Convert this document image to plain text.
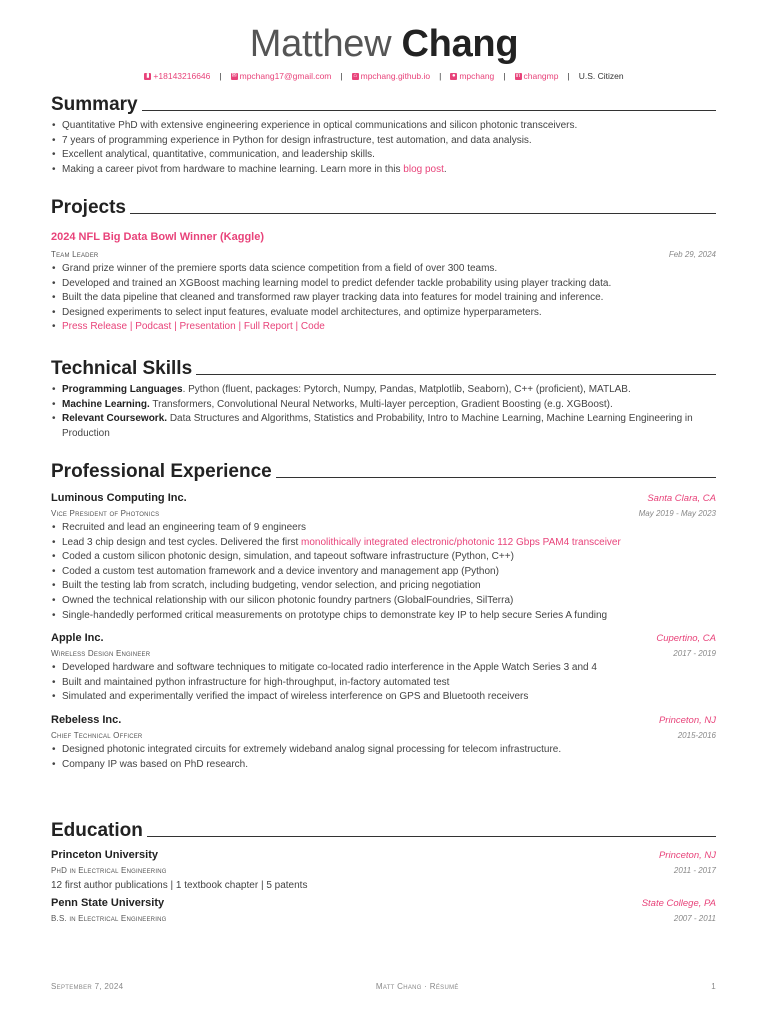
Matthew Chang
▮ +18143216646 | ✉ mpchang17@gmail.com | ⌂ mpchang.github.io | ● mpchang | in changmp | U.S. Citizen
Summary
• Quantitative PhD with extensive engineering experience in optical communications and silicon photonic transceivers.
• 7 years of programming experience in Python for design infrastructure, test automation, and data analysis.
• Excellent analytical, quantitative, communication, and leadership skills.
• Making a career pivot from hardware to machine learning. Learn more in this blog post.
Projects
2024 NFL Big Data Bowl Winner (Kaggle)
Team Leader	Feb 29, 2024
• Grand prize winner of the premiere sports data science competition from a field of over 300 teams.
• Developed and trained an XGBoost maching learning model to predict defender tackle probability using player tracking data.
• Built the data pipeline that cleaned and transformed raw player tracking data into features for model training and inference.
• Designed experiments to select input features, evaluate model architectures, and optimize hyperparameters.
• Press Release | Podcast | Presentation | Full Report | Code
Technical Skills
• Programming Languages. Python (fluent, packages: Pytorch, Numpy, Pandas, Matplotlib, Seaborn), C++ (proficient), MATLAB.
• Machine Learning. Transformers, Convolutional Neural Networks, Multi-layer perception, Gradient Boosting (e.g. XGBoost).
• Relevant Coursework. Data Structures and Algorithms, Statistics and Probability, Intro to Machine Learning, Machine Learning Engineering in Production
Professional Experience
Luminous Computing Inc.	Santa Clara, CA
Vice President of Photonics	May 2019 - May 2023
• Recruited and lead an engineering team of 9 engineers
• Lead 3 chip design and test cycles. Delivered the first monolithically integrated electronic/photonic 112 Gbps PAM4 transceiver
• Coded a custom silicon photonic design, simulation, and tapeout software infrastructure (Python, C++)
• Coded a custom test automation framework and a device inventory and management app (Python)
• Built the testing lab from scratch, including budgeting, vendor selection, and pricing negotiation
• Owned the technical relationship with our silicon photonic foundry partners (GlobalFoundries, SilTerra)
• Single-handedly performed critical measurements on prototype chips to demonstrate key IP to help secure Series A funding
Apple Inc.	Cupertino, CA
Wireless Design Engineer	2017 - 2019
• Developed hardware and software techniques to mitigate co-located radio interference in the Apple Watch Series 3 and 4
• Built and maintained python infrastructure for high-throughput, in-factory automated test
• Simulated and experimentally verified the impact of wireless interference on GPS and Bluetooth receivers
Rebeless Inc.	Princeton, NJ
Chief Technical Officer	2015-2016
• Designed photonic integrated circuits for extremely wideband analog signal processing for telecom infrastructure.
• Company IP was based on PhD research.
Education
Princeton University	Princeton, NJ
PhD in Electrical Engineering	2011 - 2017
12 first author publications | 1 textbook chapter | 5 patents
Penn State University	State College, PA
B.S. in Electrical Engineering	2007 - 2011
September 7, 2024	Matt Chang · Résumé	1
